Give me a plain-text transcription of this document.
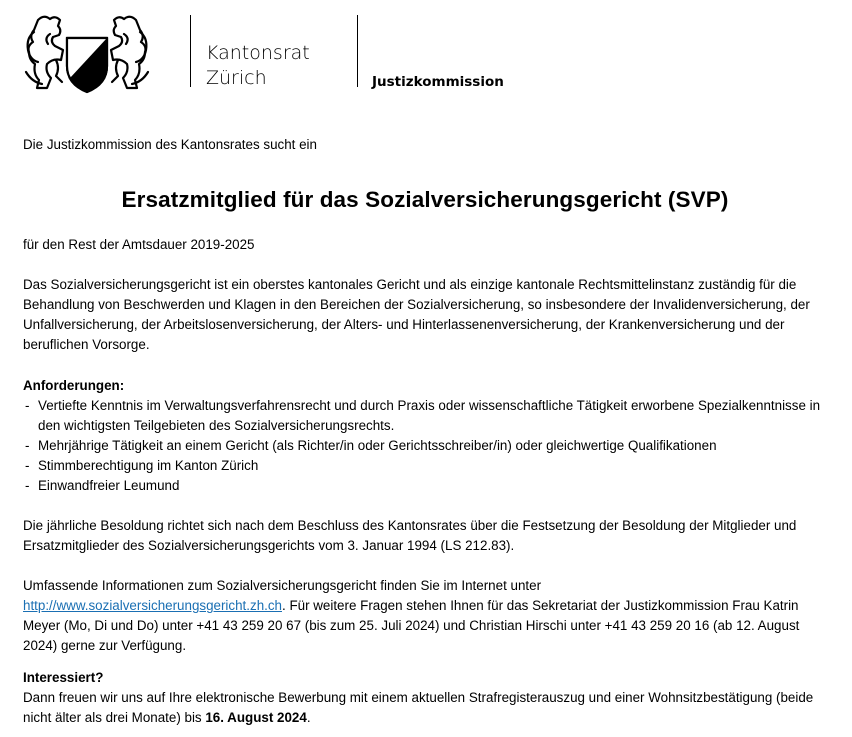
Kantonsrat
Zürich	Justizkommission

Die Justizkommission des Kantonsrates sucht ein

Ersatzmitglied für das Sozialversicherungsgericht (SVP)

für den Rest der Amtsdauer 2019-2025

Das Sozialversicherungsgericht ist ein oberstes kantonales Gericht und als einzige kantonale Rechtsmittelinstanz zuständig für die Behandlung von Beschwerden und Klagen in den Bereichen der Sozialversicherung, so insbesondere der Invalidenversicherung, der Unfallversicherung, der Arbeitslosenversicherung, der Alters- und Hinterlassenenversicherung, der Krankenversicherung und der beruflichen Vorsorge.

Anforderungen:
- Vertiefte Kenntnis im Verwaltungsverfahrensrecht und durch Praxis oder wissenschaftliche Tätigkeit erworbene Spezialkenntnisse in den wichtigsten Teilgebieten des Sozialversicherungsrechts.
- Mehrjährige Tätigkeit an einem Gericht (als Richter/in oder Gerichtsschreiber/in) oder gleichwertige Qualifikationen
- Stimmberechtigung im Kanton Zürich
- Einwandfreier Leumund

Die jährliche Besoldung richtet sich nach dem Beschluss des Kantonsrates über die Festsetzung der Besoldung der Mitglieder und Ersatzmitglieder des Sozialversicherungsgerichts vom 3. Januar 1994 (LS 212.83).

Umfassende Informationen zum Sozialversicherungsgericht finden Sie im Internet unter
http://www.sozialversicherungsgericht.zh.ch. Für weitere Fragen stehen Ihnen für das Sekretariat der Justizkommission Frau Katrin Meyer (Mo, Di und Do) unter +41 43 259 20 67 (bis zum 25. Juli 2024) und Christian Hirschi unter +41 43 259 20 16 (ab 12. August 2024) gerne zur Verfügung.

Interessiert?

Dann freuen wir uns auf Ihre elektronische Bewerbung mit einem aktuellen Strafregisterauszug und einer Wohnsitzbestätigung (beide nicht älter als drei Monate) bis 16. August 2024.
